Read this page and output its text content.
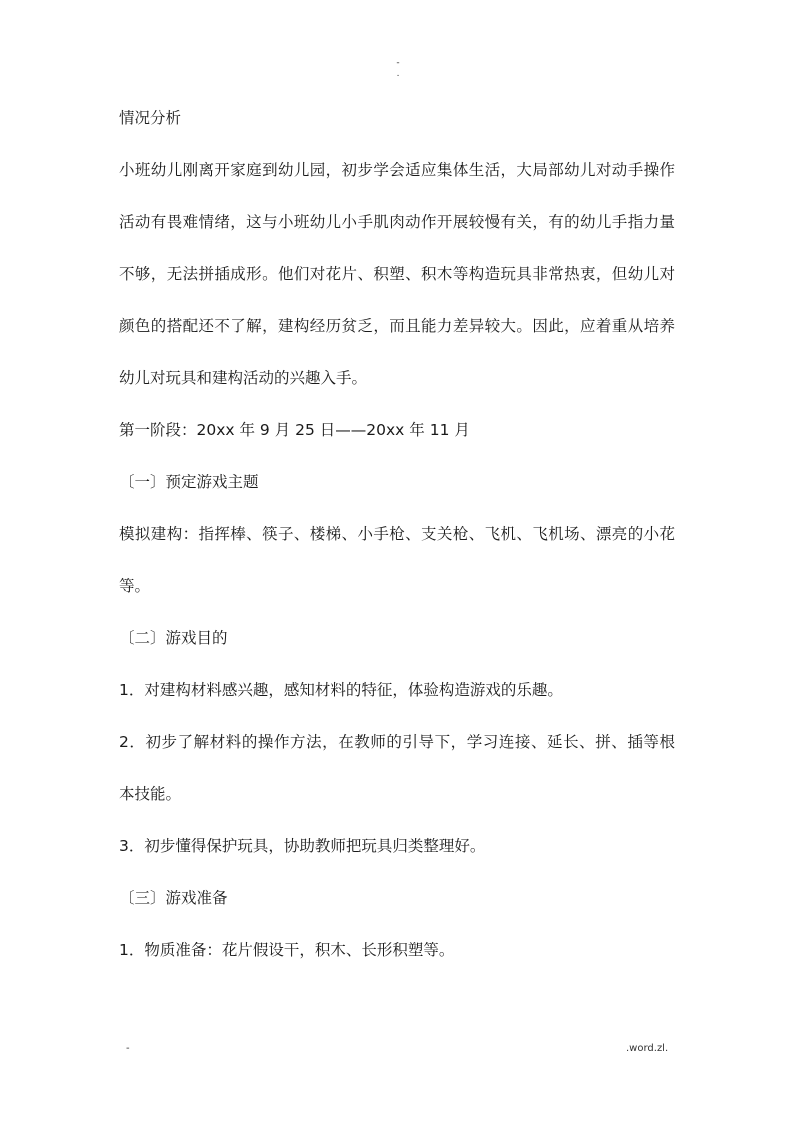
-
.

情况分析

小班幼儿刚离开家庭到幼儿园，初步学会适应集体生活，大局部幼儿对动手操作

活动有畏难情绪，这与小班幼儿小手肌肉动作开展较慢有关，有的幼儿手指力量

不够，无法拼插成形。他们对花片、积塑、积木等构造玩具非常热衷，但幼儿对

颜色的搭配还不了解，建构经历贫乏，而且能力差异较大。因此，应着重从培养

幼儿对玩具和建构活动的兴趣入手。

第一阶段：20xx 年 9 月 25 日——20xx 年 11 月

〔一〕预定游戏主题

模拟建构：指挥棒、筷子、楼梯、小手枪、支关枪、飞机、飞机场、漂亮的小花

等。

〔二〕游戏目的

1．对建构材料感兴趣，感知材料的特征，体验构造游戏的乐趣。

2．初步了解材料的操作方法，在教师的引导下，学习连接、延长、拼、插等根

本技能。

3．初步懂得保护玩具，协助教师把玩具归类整理好。

〔三〕游戏准备

1．物质准备：花片假设干，积木、长形积塑等。

-	.word.zl.
